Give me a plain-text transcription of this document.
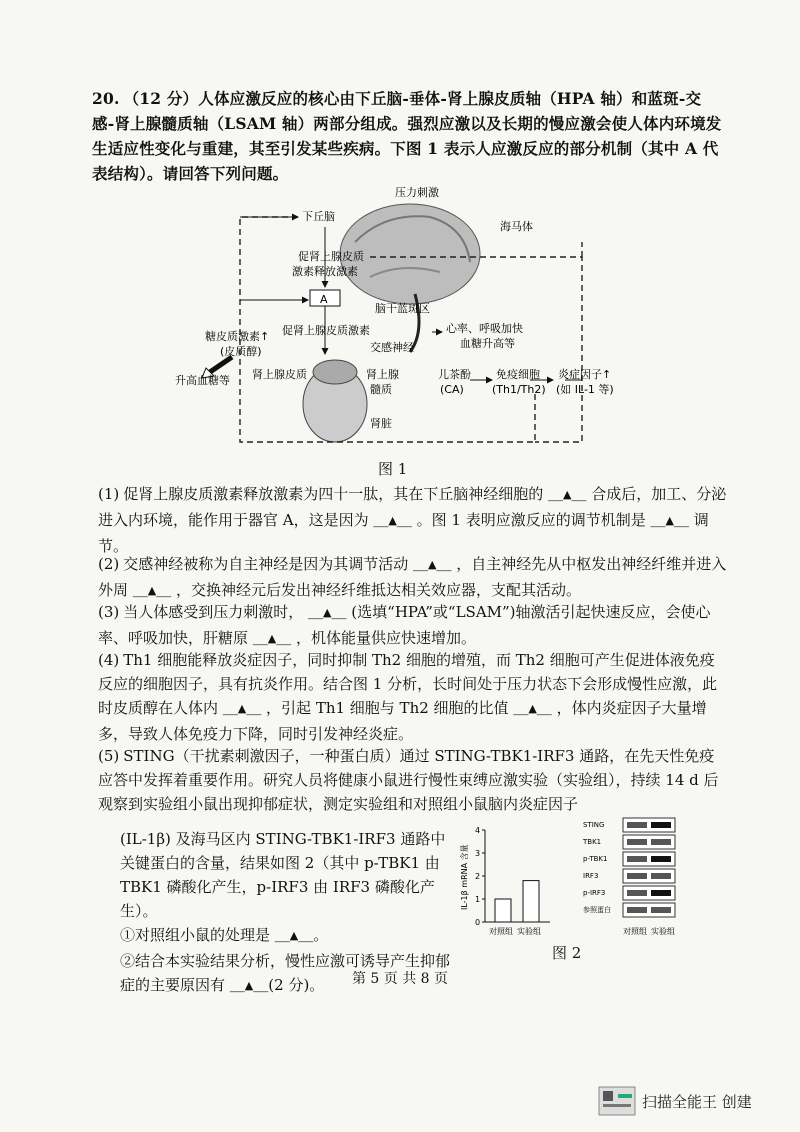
20. （12 分）人体应激反应的核心由下丘脑-垂体-肾上腺皮质轴（HPA 轴）和蓝斑-交感-肾上腺髓质轴（LSAM 轴）两部分组成。强烈应激以及长期的慢应激会使人体内环境发生适应性变化与重建，其至引发某些疾病。下图 1 表示人应激反应的部分机制（其中 A 代表结构）。请回答下列问题。
压力刺激
下丘脑
海马体
促肾上腺皮质
激素释放激素
A
脑干蓝斑区
糖皮质激素↑
(皮质醇)
促肾上腺皮质激素
交感神经
心率、呼吸加快
血糖升高等
升高血糖等 肾上腺皮质	肾上腺
髓质
儿茶酚
(CA)
免疫细胞
(Th1/Th2)
炎症因子↑
(如 IL-1 等)
肾脏
图 1
(1) 促肾上腺皮质激素释放激素为四十一肽，其在下丘脑神经细胞的 ＿▲＿ 合成后，加工、分泌进入内环境，能作用于器官 A，这是因为 ＿▲＿ 。图 1 表明应激反应的调节机制是 ＿▲＿ 调节。
(2) 交感神经被称为自主神经是因为其调节活动 ＿▲＿ ，自主神经先从中枢发出神经纤维并进入外周 ＿▲＿ ，交换神经元后发出神经纤维抵达相关效应器，支配其活动。
(3) 当人体感受到压力刺激时， ＿▲＿ (选填“HPA”或“LSAM”)轴激活引起快速反应，会使心率、呼吸加快，肝糖原 ＿▲＿ ，机体能量供应快速增加。
(4) Th1 细胞能释放炎症因子，同时抑制 Th2 细胞的增殖，而 Th2 细胞可产生促进体液免疫反应的细胞因子，具有抗炎作用。结合图 1 分析，长时间处于压力状态下会形成慢性应激，此时皮质醇在人体内 ＿▲＿ ，引起 Th1 细胞与 Th2 细胞的比值 ＿▲＿ ，体内炎症因子大量增多，导致人体免疫力下降，同时引发神经炎症。
(5) STING（干扰素刺激因子，一种蛋白质）通过 STING-TBK1-IRF3 通路，在先天性免疫应答中发挥着重要作用。研究人员将健康小鼠进行慢性束缚应激实验（实验组），持续 14 d 后观察到实验组小鼠出现抑郁症状，测定实验组和对照组小鼠脑内炎症因子
(IL-1β) 及海马区内 STING-TBK1-IRF3 通路中关键蛋白的含量，结果如图 2（其中 p-TBK1 由 TBK1 磷酸化产生，p-IRF3 由 IRF3 磷酸化产生）。
①对照组小鼠的处理是 ＿▲＿。
②结合本实验结果分析，慢性应激可诱导产生抑郁症的主要原因有 ＿▲＿(2 分)。
IL-1β mRNA 含量
0
1
2
3
4
对照组 实验组
STING
TBK1
p-TBK1
IRF3
p-IRF3
参照蛋白
对照组 实验组
图 2
第 5 页 共 8 页
扫描全能王 创建
